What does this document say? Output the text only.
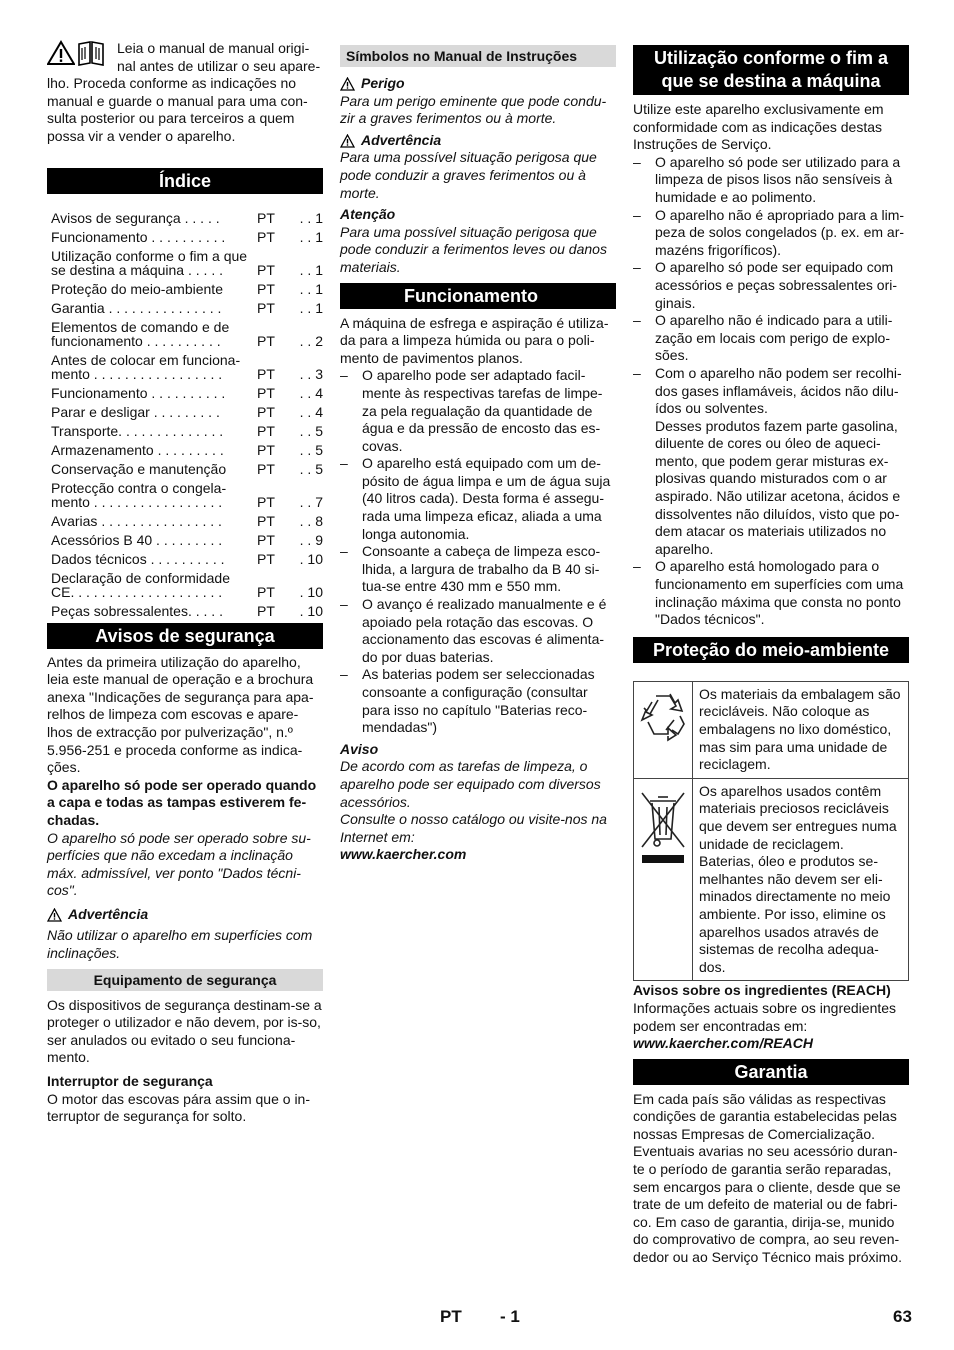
Leia o manual de manual origi-nal antes de utilizar o seu apare-

lho. Proceda conforme as indicações no manual e guarde o manual para uma con-sulta posterior ou para terceiros a quem possa vir a vender o aparelho.

Índice
Avisos de segurança . . . . .	PT	. . 1
Funcionamento . . . . . . . . . .	PT	. . 1
Utilização conforme o fim a que se destina a máquina . . . . .	PT	. . 1
Proteção do meio-ambiente	PT	. . 1
Garantia . . . . . . . . . . . . . . .	PT	. . 1
Elementos de comando e de funcionamento . . . . . . . . . .	PT	. . 2
Antes de colocar em funciona-mento . . . . . . . . . . . . . . . . .	PT	. . 3
Funcionamento . . . . . . . . . .	PT	. . 4
Parar e desligar . . . . . . . . .	PT	. . 4
Transporte. . . . . . . . . . . . . .	PT	. . 5
Armazenamento . . . . . . . . .	PT	. . 5
Conservação e manutenção	PT	. . 5
Protecção contra o congela-mento . . . . . . . . . . . . . . . . .	PT	. . 7
Avarias . . . . . . . . . . . . . . . .	PT	. . 8
Acessórios B 40 . . . . . . . . .	PT	. . 9
Dados técnicos . . . . . . . . . .	PT	. 10
Declaração de conformidade CE. . . . . . . . . . . . . . . . . . . .	PT	. 10
Peças sobressalentes. . . . .	PT	. 10
Avisos de segurança

Antes da primeira utilização do aparelho, leia este manual de operação e a brochura anexa "Indicações de segurança para apa-relhos de limpeza com escovas e apare-lhos de extracção por pulverização", n.º 5.956-251 e proceda conforme as indica-ções.

O aparelho só pode ser operado quando a capa e todas as tampas estiverem fe-chadas.

O aparelho só pode ser operado sobre su-perfícies que não excedam a inclinação máx. admissível, ver ponto "Dados técni-cos".

Advertência

Não utilizar o aparelho em superfícies com inclinações.

Equipamento de segurança

Os dispositivos de segurança destinam-se a proteger o utilizador e não devem, por is-so, ser anulados ou evitado o seu funciona-mento.

Interruptor de segurança

O motor das escovas pára assim que o in-terruptor de segurança for solto.

Símbolos no Manual de Instruções
Perigo

Para um perigo eminente que pode condu-zir a graves ferimentos ou à morte.

Advertência

Para uma possível situação perigosa que pode conduzir a graves ferimentos ou à morte.

Atenção

Para uma possível situação perigosa que pode conduzir a ferimentos leves ou danos materiais.

Funcionamento

A máquina de esfrega e aspiração é utiliza-da para a limpeza húmida ou para o poli-mento de pavimentos planos.

– O aparelho pode ser adaptado facil-mente às respectivas tarefas de limpe-za pela regualação da quantidade de água e da pressão de encosto das es-covas.
– O aparelho está equipado com um de-pósito de água limpa e um de água suja (40 litros cada). Desta forma é assegu-rada uma limpeza eficaz, aliada a uma longa autonomia.
– Consoante a cabeça de limpeza esco-lhida, a largura de trabalho da B 40 si-tua-se entre 430 mm e 550 mm.
– O avanço é realizado manualmente e é apoiado pela rotação das escovas. O accionamento das escovas é alimenta-do por duas baterias.
– As baterias podem ser seleccionadas consoante a configuração (consultar para isso no capítulo "Baterias reco-mendadas")

Aviso

De acordo com as tarefas de limpeza, o aparelho pode ser equipado com diversos acessórios.

Consulte o nosso catálogo ou visite-nos na Internet em:

www.kaercher.com

Utilização conforme o fim a que se destina a máquina

Utilize este aparelho exclusivamente em conformidade com as indicações destas Instruções de Serviço.

– O aparelho só pode ser utilizado para a limpeza de pisos lisos não sensíveis à humidade e ao polimento.
– O aparelho não é apropriado para a lim-peza de solos congelados (p. ex. em ar-mazéns frigoríficos).
– O aparelho só pode ser equipado com acessórios e peças sobressalentes ori-ginais.
– O aparelho não é indicado para a utili-zação em locais com perigo de explo-sões.
– Com o aparelho não podem ser recolhi-dos gases inflamáveis, ácidos não dilu-ídos ou solventes.
Desses produtos fazem parte gasolina, diluente de cores ou óleo de aqueci-mento, que podem gerar misturas ex-plosivas quando misturados com o ar aspirado. Não utilizar acetona, ácidos e dissolventes não diluídos, visto que po-dem atacar os materiais utilizados no aparelho.
– O aparelho está homologado para o funcionamento em superfícies com uma inclinação máxima que consta no ponto "Dados técnicos".
Proteção do meio-ambiente
	Os materiais da embalagem são recicláveis. Não coloque as embalagens no lixo doméstico, mas sim para uma unidade de reciclagem.
	Os aparelhos usados contêm materiais preciosos recicláveis que devem ser entregues numa unidade de reciclagem. Baterias, óleo e produtos se-melhantes não devem ser eli-minados directamente no meio ambiente. Por isso, elimine os aparelhos usados através de sistemas de recolha adequa-dos.

Avisos sobre os ingredientes (REACH)

Informações actuais sobre os ingredientes podem ser encontradas em:

www.kaercher.com/REACH

Garantia

Em cada país são válidas as respectivas condições de garantia estabelecidas pelas nossas Empresas de Comercialização. Eventuais avarias no seu acessório duran-te o período de garantia serão reparadas, sem encargos para o cliente, desde que se trate de um defeito de material ou de fabri-co. Em caso de garantia, dirija-se, munido do comprovativo de compra, ao seu reven-dedor ou ao Serviço Técnico mais próximo.

PT - 1	63
